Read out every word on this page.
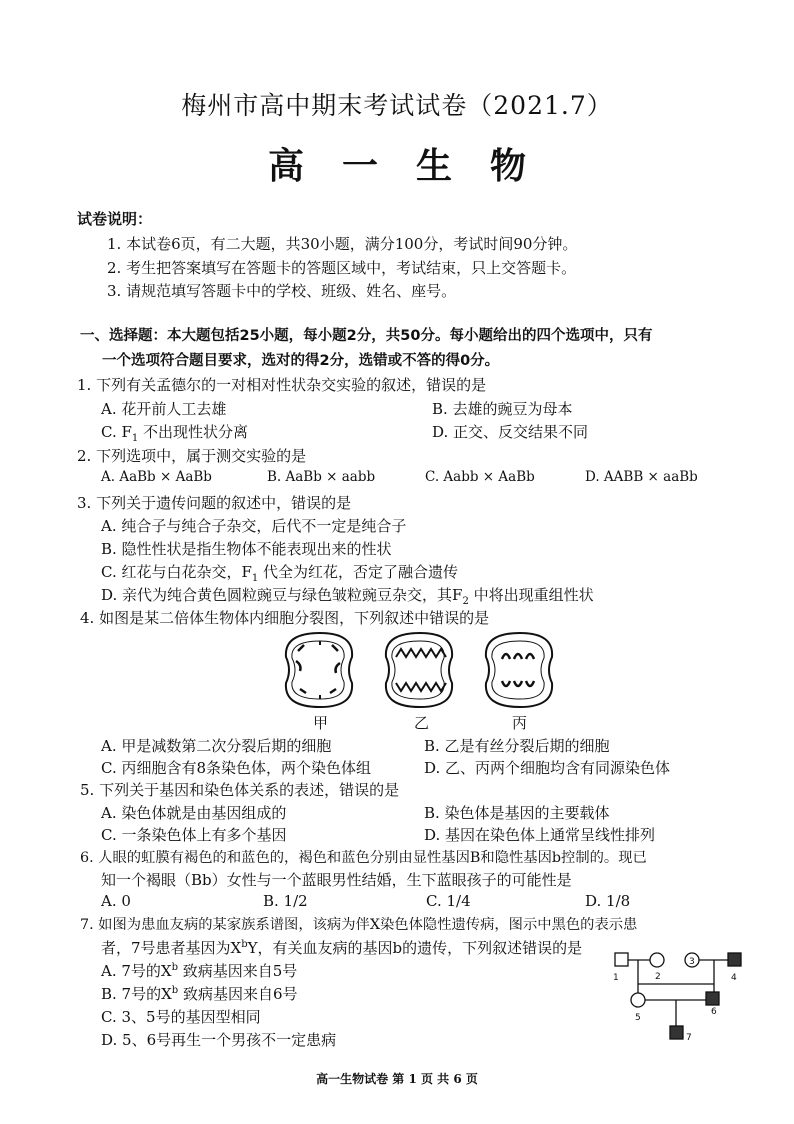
梅州市高中期末考试试卷（2021.7）
高一生物
试卷说明：
1. 本试卷6页，有二大题，共30小题，满分100分，考试时间90分钟。
2. 考生把答案填写在答题卡的答题区域中，考试结束，只上交答题卡。
3. 请规范填写答题卡中的学校、班级、姓名、座号。
一、选择题：本大题包括25小题，每小题2分，共50分。每小题给出的四个选项中，只有
一个选项符合题目要求，选对的得2分，选错或不答的得0分。
1. 下列有关孟德尔的一对相对性状杂交实验的叙述，错误的是
A. 花开前人工去雄	B. 去雄的豌豆为母本
C. $F_1$ 不出现性状分离	D. 正交、反交结果不同
2. 下列选项中，属于测交实验的是
A. AaBb × AaBb	B. AaBb × aabb	C. Aabb × AaBb	D. AABB × aaBb
3. 下列关于遗传问题的叙述中，错误的是
A. 纯合子与纯合子杂交，后代不一定是纯合子
B. 隐性性状是指生物体不能表现出来的性状
C. 红花与白花杂交，$F_1$ 代全为红花，否定了融合遗传
D. 亲代为纯合黄色圆粒豌豆与绿色皱粒豌豆杂交，其$F_2$ 中将出现重组性状
4. 如图是某二倍体生物体内细胞分裂图，下列叙述中错误的是
甲	乙	丙
A. 甲是减数第二次分裂后期的细胞	B. 乙是有丝分裂后期的细胞
C. 丙细胞含有8条染色体，两个染色体组	D. 乙、丙两个细胞均含有同源染色体
5. 下列关于基因和染色体关系的表述，错误的是
A. 染色体就是由基因组成的	B. 染色体是基因的主要载体
C. 一条染色体上有多个基因	D. 基因在染色体上通常呈线性排列
6. 人眼的虹膜有褐色的和蓝色的，褐色和蓝色分别由显性基因B和隐性基因b控制的。现已
知一个褐眼（Bb）女性与一个蓝眼男性结婚，生下蓝眼孩子的可能性是
A. 0	B. 1/2	C. 1/4	D. 1/8
7. 如图为患血友病的某家族系谱图，该病为伴X染色体隐性遗传病，图示中黑色的表示患
者，7号患者基因为$X^bY$，有关血友病的基因b的遗传，下列叙述错误的是
A. 7号的$X^b$ 致病基因来自5号
B. 7号的$X^b$ 致病基因来自6号
C. 3、5号的基因型相同
D. 5、6号再生一个男孩不一定患病
1	2
3
4
5
6
7
高一生物试卷 第 1 页 共 6 页
